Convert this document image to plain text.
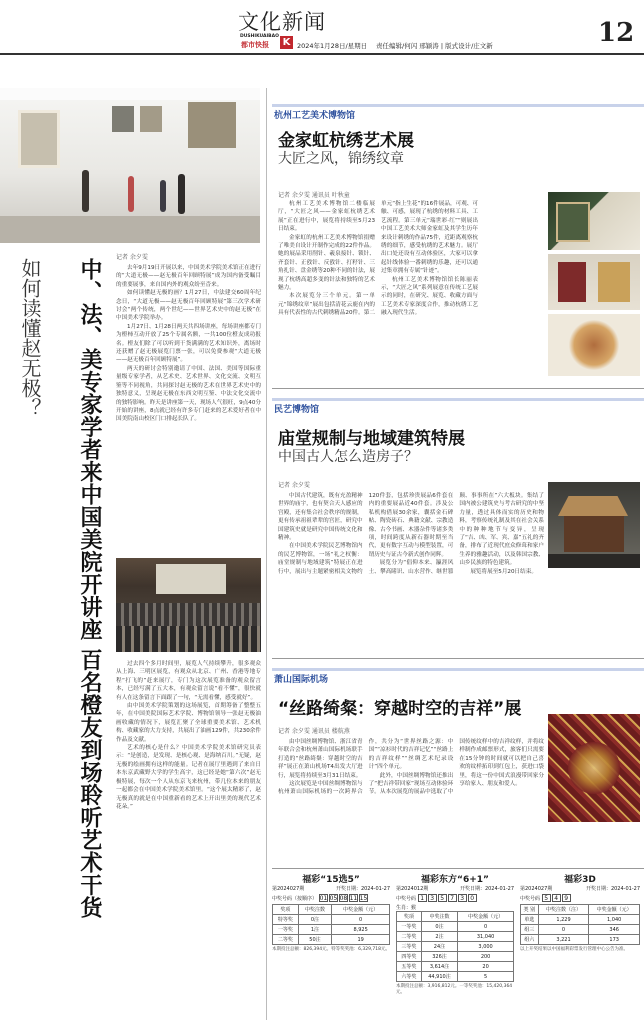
文化新闻
DUSHIKUAIBAO
都市快报 K	2024年1月28日/星期日 责任编辑/何闪 邢颖涛 | 版式设计/庄文新	12
如何读懂赵无极？	中、法、美专家学者来中国美院开讲座 百名橙友到场聆听艺术干货
记者 余夕雯

去年9月19日开展以来，中国美术学院美术馆正在进行的“大道无极——赵无极百年回顾特展”成为国内备受瞩目的重要展事，来自国内外的观众纷至沓来。

如何读懂赵无极的画？1月27日，中法建交60周年纪念日，“大道无极——赵无极百年回顾特展”第三次学术研讨会“两个传统，两个世纪——世界艺术史中的赵无极”在中国美术学院举办。

1月27日、1月28日两天共四场讲座，每场讲座都专门为橙柿互动开放了25个专属名额，一共100位橙友成功报名。橙友们除了可以听到干货满满的艺术知识外，离场时还获赠了赵无极展览门票一张，可以免费参观“大道无极——赵无极百年回顾特展”。

两天的研讨会特别邀请了中国、法国、美国等国际重量级专家学者，从艺术史、艺术世界、文化交流、文明互鉴等不同视角，共同探讨赵无极的艺术在世界艺术史中的独特意义，呈现赵无极在东西文明互鉴、中法文化交流中的独特影响。昨天是讲座第一天，现场人气很旺，9点40分开始的讲座，8点就已经有许多专门赶来的艺术爱好者在中国美院南山校区门口排起长队了。

过去四个多月时间里，展览人气持续攀升，很多观众从上海、三明区展览，有观众从北京、广州、香港等地专程“打飞的”赶来展厅，专门为这次展览准备的观众留言本，已经写满了五大本，有观众留言说“看不懂”，很快就有人在这条留言下面跟了一句，“无需看懂，感受就好”。

由中国美术学院策划的这场展览，首期筹备了整整五年，在中国美院国际艺术学院、博物馆领导一张赵无极油画收藏的情况下，展览汇聚了全球重要美术馆、艺术机构、收藏家的大力支持，共展出了油画129件，共230余件作品及文献。

艺术的核心是什么？中国美术学院美术馆研究员表示：“是创造，是发现、是核心观、是海纳百川。”无疑，赵无极的绘画拥有这样的能量。记者在展厅里遇到了来自日本东京武藏野大学的学生高宇，这已经是她“第六次”赵无极特展，每次一个人从东京飞来杭州，带几位本来的朋友一起都会在中国美术学院美术馆里。“这个展太精彩了，赵无极真的就是在中国重新看的艺术上开出里美的现代艺术花朵。”

杭州工艺美术博物馆
金家虹杭绣艺术展
大匠之风，锦绣纹章
记者 余夕雯 通讯员 叶秋童

杭州工艺美术博物馆二楼临展厅，“大匠之风——金家虹杭绣艺术展”正在进行中，展览将持续至5月23日结束。

金家虹的杭州工艺美术博物馆捐赠了唯美自设计开制作完成的22件作品。她的展品采用削针、羲泉接针、锁针、齐套针、正戗针、反戗针、打籽针、三角扎针、盘金绣等20种不同的针法，展现了杭绣高超多变的针法和独特的艺术魅力。

本次展览分三个单元。第一单元“锦绣纹章”展出包括清花云鹿在内的具有代表性的古代刺绣精品20件。第二单元“指上生花”的16件展品，可观、可触、可感，展现了杭绣的材料工具、工艺流程。第三单元“瑞世彩·红”“则展出中国工艺美术大师金家虹及其学生历年来设计刺绣的作品75件，近距离观察杭绣的细节，感受杭绣的艺术魅力。展厅出口处还设有互动体验区，大家可以拿起针线体验一番刺绣的乐趣，还可以通过集章拥有专属“针迹”。

杭州工艺美术博物馆馆长陈丽表示，“大匠之风”系列展意在传统工艺展示的同时，在研究、展览、收藏方面与工艺美术专家深度合作，推动杭绣工艺融入现代生活。

民艺博物馆
庙堂规制与地域建筑特展
中国古人怎么造房子？
记者 余夕雯

中国古代建筑，既有充盈精神世界的庙宇，也有契合天人感应的宫殿，还有集合社会秩序的规制，更有传承祖祖辈辈的宫匠，研究中国建筑史就是研究中国传统文化和精神。

在中国美术学院民艺博物馆内的民艺博物馆，一场“礼之权衡：庙堂规制与地域建筑”特展正在进行中，展出与主题紧密相关文物约120件套，包括珍贵展品6件套在内的重要展品近40件套。涉及公私机构借展30余家，囊括金石碑帖、陶瓷砖石、典籍文献、宗教造像、古今书画、木器杂件等诸多类项，时间跨度从新石器时期至当代，更有数字互动与模型装置，可谓历史与证古今新式创作同辉。

展览分为“倡仰本来、瀛涯风土、攀高睹识、山水营作、继世篡颠、事事所在”六大板块。集结了国内被公建筑史与考古研究的中坚力量，透过具体而实的历史和物料，考察传统礼制及其在社会关系中的种种地节与变异，呈现了“吉、凶、军、宾、嘉”五礼的齐备，排布了近现代庶众修葺和家户生养的雅趣活动，以及韩国宗教、山乡民族的特色建筑。

展览将展至5月20日结束。

萧山国际机场
“丝路绮粲：穿越时空的吉祥”展
记者 余夕雯 通讯员 楼航燕

由中国丝绸博物馆、浙江省青年联合会和杭州萧山国际机场联手打造的“丝路绮粲：穿越时空的吉祥”展正在萧山机场T4出发大厅进行，展览将持续至3月31日结束。

这次展览是中国丝绸博物馆与杭州萧山国际机场的一次跨界合作，共分为“世界丝路之源：中国”“凉衫时代的吉祥记忆”“丝路上的吉祥纹样”“丝绸艺术纪录设计”四个单元。

此外，中国丝绸博物馆还推出了“把吉祥带回家”现场互动体验环节。从本次展览的展品中选取了中国传统纹样中的吉祥纹样，并将纹样制作成邮票形式，旅客们只需要在15分钟的时间就可以把自己喜欢的纹样拓印到红包上，获进口袋里，将这一份中国式浪漫带回家分享给家人、朋友和爱人。

福彩“15选5”
第2024027期	开奖日期：2024-01-27
中奖号码（按顺序） 01 05 08 11 15
奖项	中奖注数	中奖金额（元）
特等奖	0注	0
一等奖	1注	8,925
二等奖	50注	19
本期投注总额：826,394元。特等奖奖池：6,329,718元。
福彩东方“6+1”
第2024012期	开奖日期：2024-01-27
中奖号码 1 3 5 7 3 0
生肖：猴
奖项	中奖注数	中奖金额（元）
一等奖	0注	0
二等奖	2注	31,040
三等奖	24注	3,000
四等奖	326注	200
五等奖	3,614注	20
六等奖	44,910注	5
本期投注总额：3,916,812元。一等奖奖池：15,420,364元。
福彩3D
第2024027期	开奖日期：2024-01-27
中奖号码 5 4 9
类 别	中奖注数（注）	中奖金额（元）
单选	1,229	1,040
组三	0	346
组六	3,221	173
以上开奖结果以中国福利彩票发行管理中心公告为准。
